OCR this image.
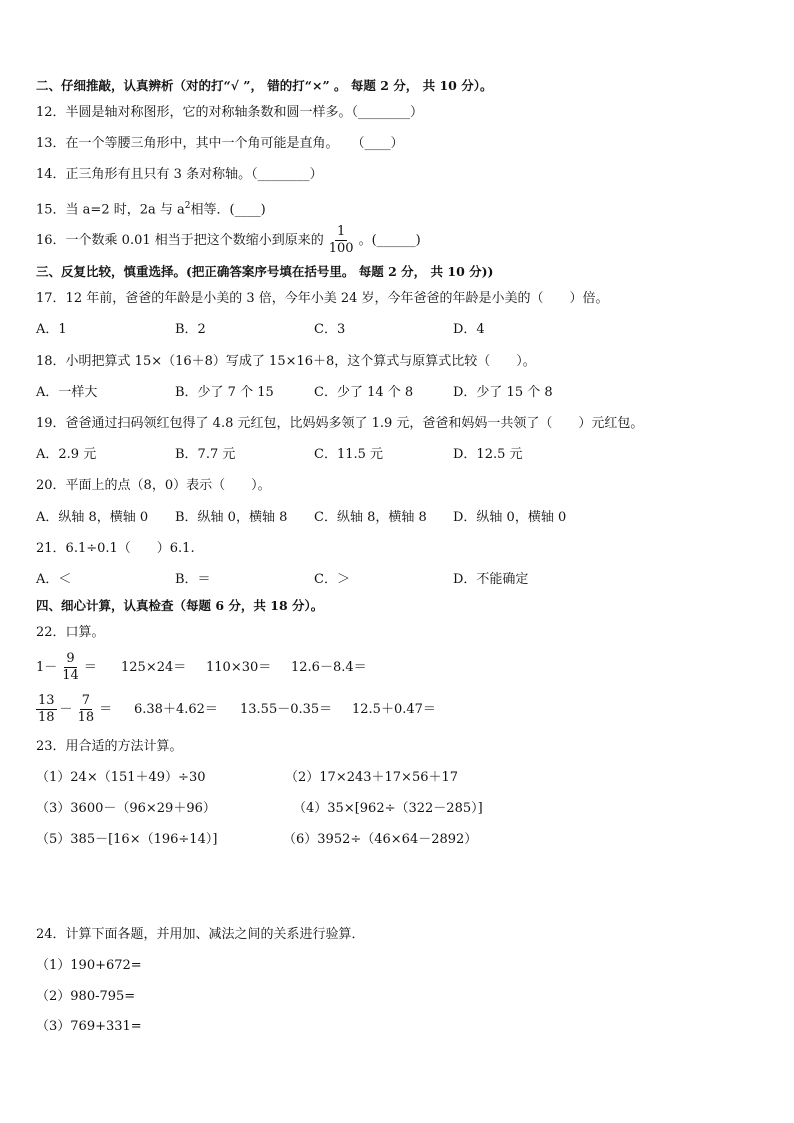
二、仔细推敲，认真辨析（对的打“√ ”， 错的打“×” 。 每题 2 分， 共 10 分）。
12．半圆是轴对称图形，它的对称轴条数和圆一样多。（________）
13．在一个等腰三角形中，其中一个角可能是直角。　　（____）
14．正三角形有且只有 3 条对称轴。（________）
15．当 a=2 时，2a 与 $a^2$相等．(____)
16．一个数乘 0.01 相当于把这个数缩小到原来的 $\frac{1}{100}$ 。(______)
三、反复比较，慎重选择。(把正确答案序号填在括号里。 每题 2 分， 共 10 分))
17．12 年前，爸爸的年龄是小美的 3 倍，今年小美 24 岁，今年爸爸的年龄是小美的（　　）倍。
A．1	B．2	C．3	D．4
18．小明把算式 15×（16＋8）写成了 15×16＋8，这个算式与原算式比较（　　）。
A．一样大	B．少了 7 个 15	C．少了 14 个 8	D．少了 15 个 8
19．爸爸通过扫码领红包得了 4.8 元红包，比妈妈多领了 1.9 元，爸爸和妈妈一共领了（　　）元红包。
A．2.9 元	B．7.7 元	C．11.5 元	D．12.5 元
20．平面上的点（8，0）表示（　　）。
A．纵轴 8，横轴 0 B．纵轴 0，横轴 8 C．纵轴 8，横轴 8 D．纵轴 0，横轴 0
21．6.1÷0.1（　　）6.1.
A．＜	B．＝	C．＞	D．不能确定
四、细心计算，认真检查（每题 6 分，共 18 分）。
22．口算。
$1- \frac{9}{14} = 125\times 24= 110\times 30= 12.6-8.4=$
$\frac{13}{18} - \frac{7}{18} = 6.38+4.62= 13.55-0.35= 12.5+0.47=$
23．用合适的方法计算。
（1）24×（151＋49）÷30	（2）17×243＋17×56＋17
（3）3600－（96×29＋96）	（4）35×[962÷（322－285）]
（5）385－[16×（196÷14）]	（6）3952÷（46×64－2892）
24．计算下面各题，并用加、减法之间的关系进行验算．
（1）190+672=
（2）980-795=
（3）769+331=
